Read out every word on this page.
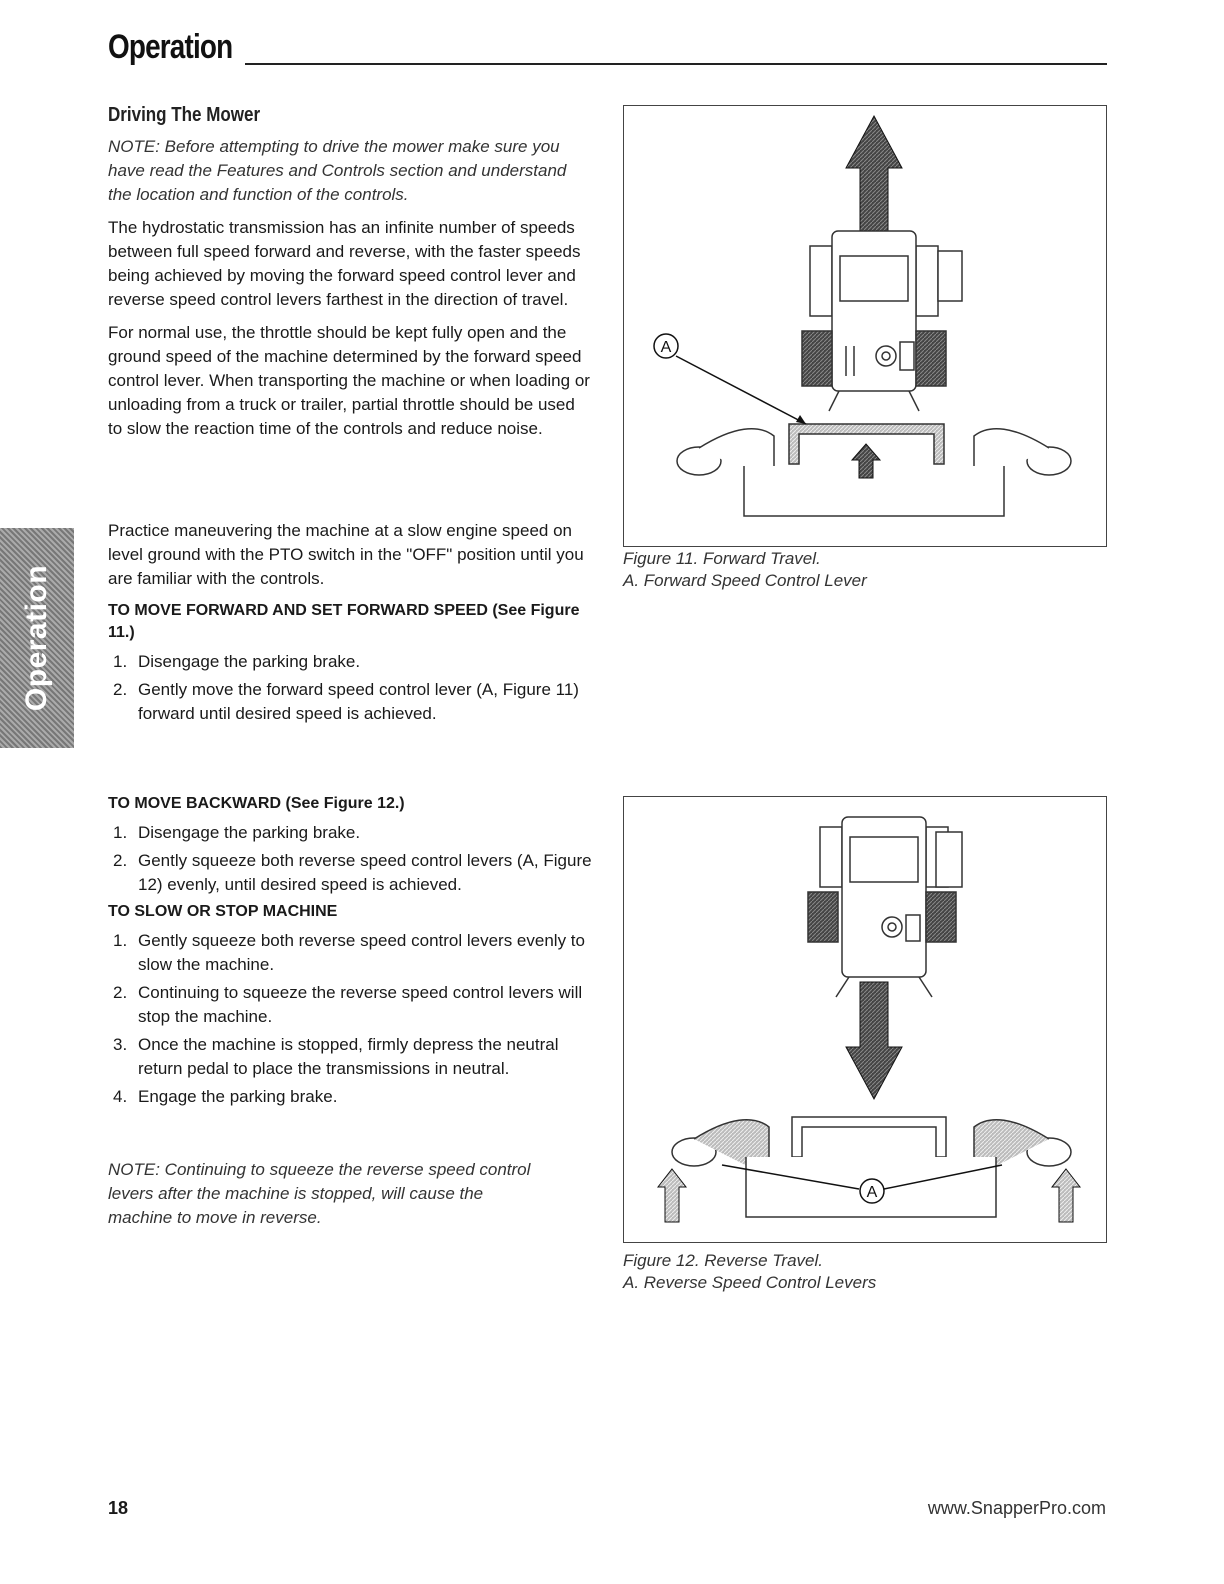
Operation
Operation
Driving The Mower

NOTE: Before attempting to drive the mower make sure you have read the Features and Controls section and understand the location and function of the controls.

The hydrostatic transmission has an infinite number of speeds between full speed forward and reverse, with the faster speeds being achieved by moving the forward speed control lever and reverse speed control levers farthest in the direction of travel.

For normal use, the throttle should be kept fully open and the ground speed of the machine determined by the forward speed control lever. When transporting the machine or when loading or unloading from a truck or trailer, partial throttle should be used to slow the reaction time of the controls and reduce noise.

Practice maneuvering the machine at a slow engine speed on level ground with the PTO switch in the "OFF" position until you are familiar with the controls.

TO MOVE FORWARD AND SET FORWARD SPEED (See Figure 11.)
1. Disengage the parking brake.
2. Gently move the forward speed control lever (A, Figure 11) forward until desired speed is achieved.
TO MOVE BACKWARD (See Figure 12.)
1. Disengage the parking brake.
2. Gently squeeze both reverse speed control levers (A, Figure 12) evenly, until desired speed is achieved.
TO SLOW OR STOP MACHINE
1. Gently squeeze both reverse speed control levers evenly to slow the machine.
2. Continuing to squeeze the reverse speed control levers will stop the machine.
3. Once the machine is stopped, firmly depress the neutral return pedal to place the transmissions in neutral.
4. Engage the parking brake.
NOTE: Continuing to squeeze the reverse speed control levers after the machine is stopped, will cause the machine to move in reverse.
A
Figure 11. Forward Travel.
A. Forward Speed Control Lever
A
Figure 12. Reverse Travel.
A. Reverse Speed Control Levers
18	www.SnapperPro.com
